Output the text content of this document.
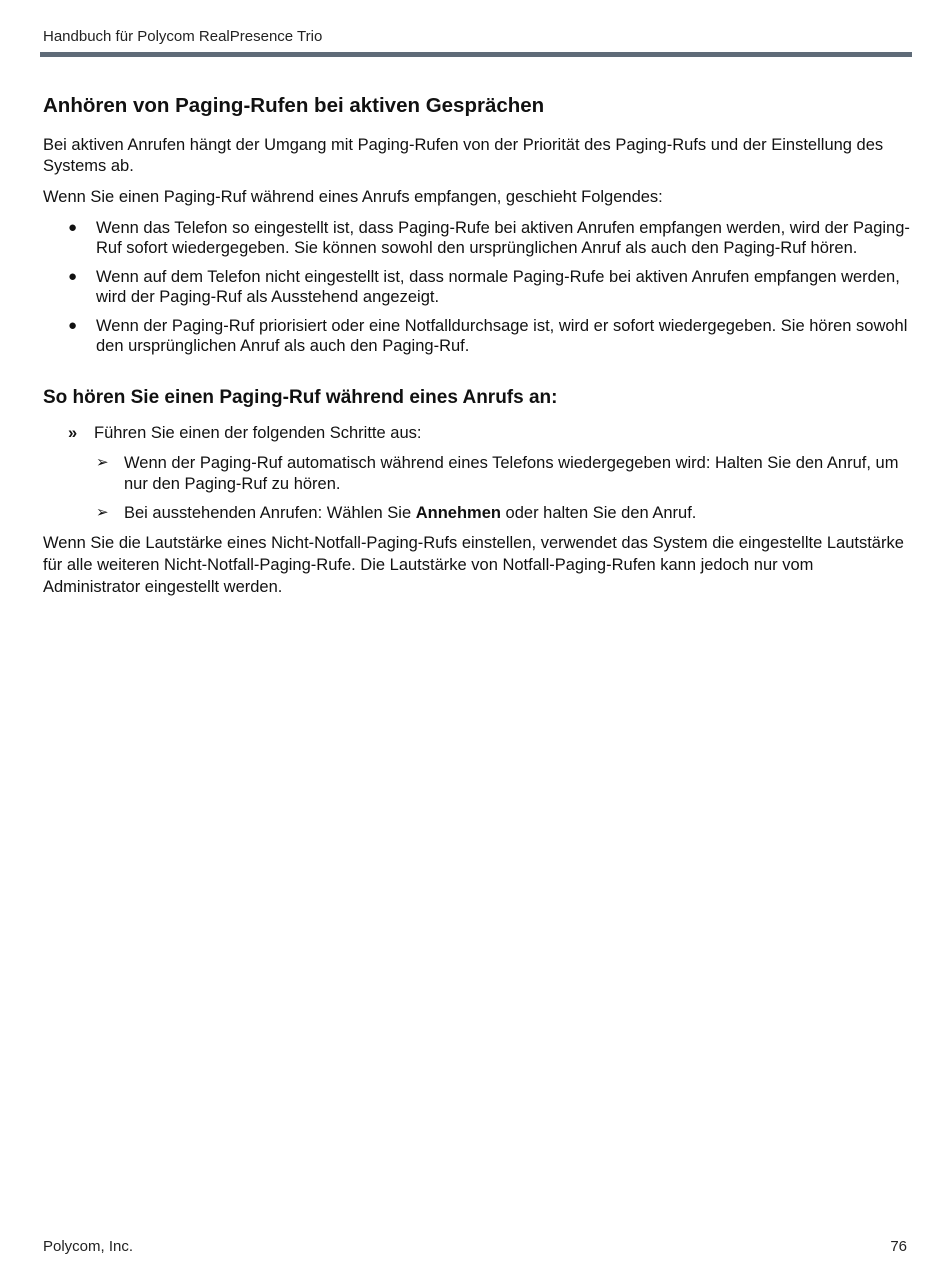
Handbuch für Polycom RealPresence Trio
Anhören von Paging-Rufen bei aktiven Gesprächen

Bei aktiven Anrufen hängt der Umgang mit Paging-Rufen von der Priorität des Paging-Rufs und der Einstellung des Systems ab.

Wenn Sie einen Paging-Ruf während eines Anrufs empfangen, geschieht Folgendes:

● Wenn das Telefon so eingestellt ist, dass Paging-Rufe bei aktiven Anrufen empfangen werden, wird der Paging-Ruf sofort wiedergegeben. Sie können sowohl den ursprünglichen Anruf als auch den Paging-Ruf hören.
● Wenn auf dem Telefon nicht eingestellt ist, dass normale Paging-Rufe bei aktiven Anrufen empfangen werden, wird der Paging-Ruf als Ausstehend angezeigt.
● Wenn der Paging-Ruf priorisiert oder eine Notfalldurchsage ist, wird er sofort wiedergegeben. Sie hören sowohl den ursprünglichen Anruf als auch den Paging-Ruf.
So hören Sie einen Paging-Ruf während eines Anrufs an:
» Führen Sie einen der folgenden Schritte aus:
➢ Wenn der Paging-Ruf automatisch während eines Telefons wiedergegeben wird: Halten Sie den Anruf, um nur den Paging-Ruf zu hören.
➢ Bei ausstehenden Anrufen: Wählen Sie Annehmen oder halten Sie den Anruf.

Wenn Sie die Lautstärke eines Nicht-Notfall-Paging-Rufs einstellen, verwendet das System die eingestellte Lautstärke für alle weiteren Nicht-Notfall-Paging-Rufe. Die Lautstärke von Notfall-Paging-Rufen kann jedoch nur vom Administrator eingestellt werden.

Polycom, Inc.	76
